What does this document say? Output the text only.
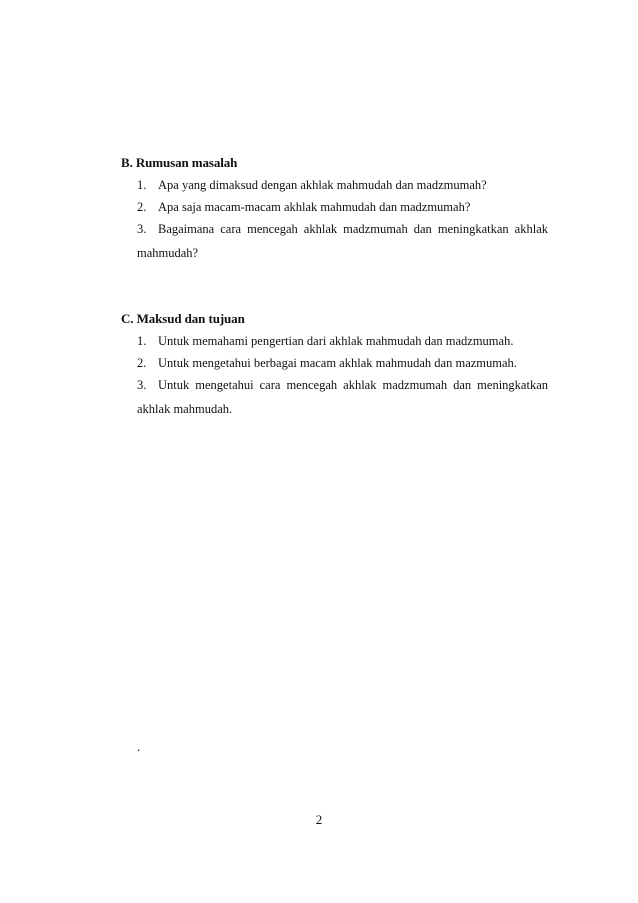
B. Rumusan masalah
1. Apa yang dimaksud dengan akhlak mahmudah dan madzmumah?
2. Apa saja macam-macam akhlak mahmudah dan madzmumah?
3. Bagaimana cara mencegah akhlak madzmumah dan meningkatkan akhlak
mahmudah?
C. Maksud dan tujuan
1. Untuk memahami pengertian dari akhlak mahmudah dan madzmumah.
2. Untuk mengetahui berbagai macam akhlak mahmudah dan mazmumah.
3. Untuk mengetahui cara mencegah akhlak madzmumah dan meningkatkan
akhlak mahmudah.
.
2
